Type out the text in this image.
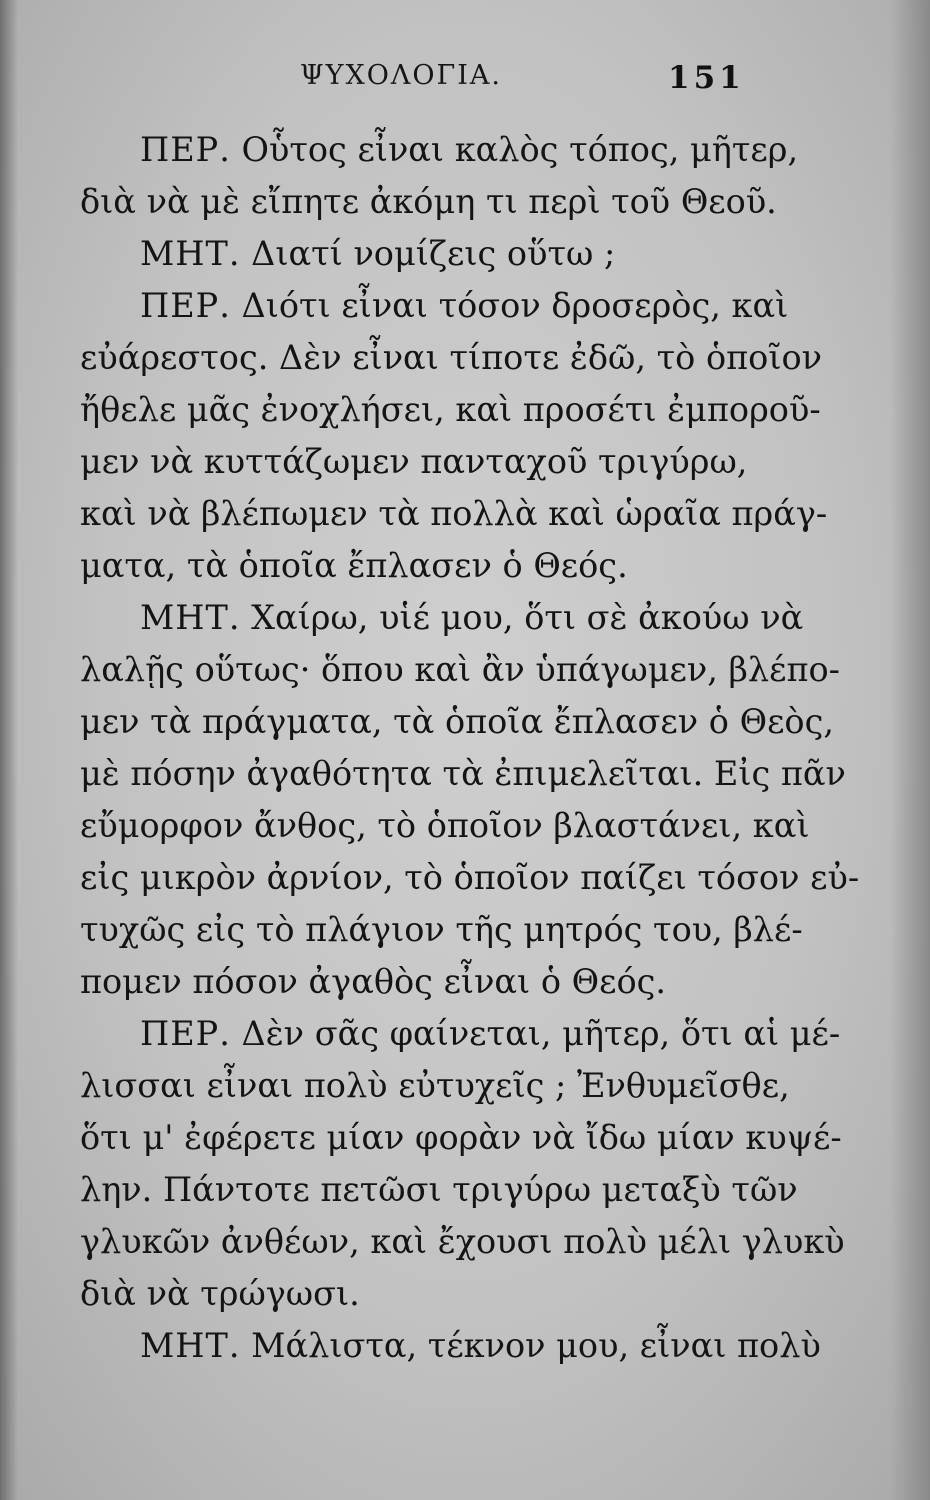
ΨΥΧΟΛΟΓΙΑ.	151
ΠΕΡ. Οὗτος εἶναι καλὸς τόπος, μῆτερ,
διὰ νὰ μὲ εἴπητε ἀκόμη τι περὶ τοῦ Θεοῦ.
ΜΗΤ. Διατί νομίζεις οὕτω ;
ΠΕΡ. Διότι εἶναι τόσον δροσερὸς, καὶ
εὐάρεστος. Δὲν εἶναι τίποτε ἐδῶ, τὸ ὁποῖον
ἤθελε μᾶς ἐνοχλήσει, καὶ προσέτι ἐμποροῦ-
μεν νὰ κυττάζωμεν πανταχοῦ τριγύρω,
καὶ νὰ βλέπωμεν τὰ πολλὰ καὶ ὡραῖα πράγ-
ματα, τὰ ὁποῖα ἔπλασεν ὁ Θεός.
ΜΗΤ. Χαίρω, υἱέ μου, ὅτι σὲ ἀκούω νὰ
λαλῇς οὕτως· ὅπου καὶ ἂν ὑπάγωμεν, βλέπο-
μεν τὰ πράγματα, τὰ ὁποῖα ἔπλασεν ὁ Θεὸς,
μὲ πόσην ἀγαθότητα τὰ ἐπιμελεῖται. Εἰς πᾶν
εὔμορφον ἄνθος, τὸ ὁποῖον βλαστάνει, καὶ
εἰς μικρὸν ἀρνίον, τὸ ὁποῖον παίζει τόσον εὐ-
τυχῶς εἰς τὸ πλάγιον τῆς μητρός του, βλέ-
πομεν πόσον ἀγαθὸς εἶναι ὁ Θεός.
ΠΕΡ. Δὲν σᾶς φαίνεται, μῆτερ, ὅτι αἱ μέ-
λισσαι εἶναι πολὺ εὐτυχεῖς ; Ἐνθυμεῖσθε,
ὅτι μ' ἐφέρετε μίαν φορὰν νὰ ἴδω μίαν κυψέ-
λην. Πάντοτε πετῶσι τριγύρω μεταξὺ τῶν
γλυκῶν ἀνθέων, καὶ ἔχουσι πολὺ μέλι γλυκὺ
διὰ νὰ τρώγωσι.
ΜΗΤ. Μάλιστα, τέκνον μου, εἶναι πολὺ
